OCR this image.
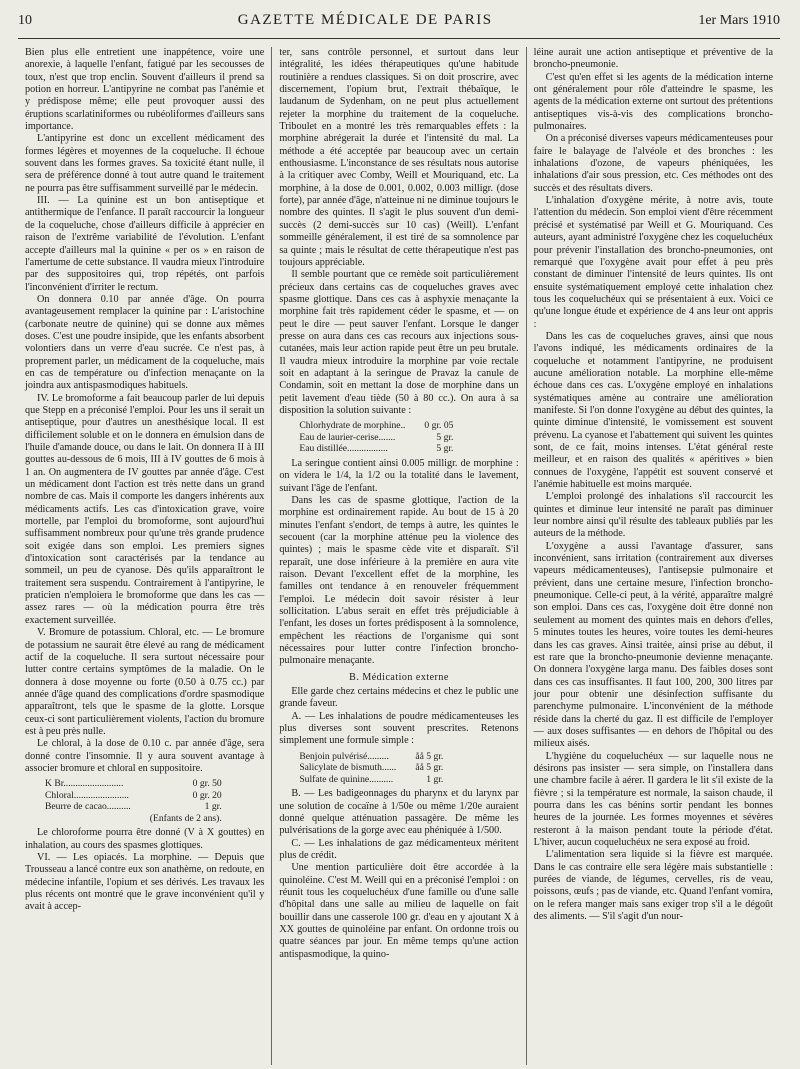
10	GAZETTE MÉDICALE DE PARIS	1er Mars 1910

Bien plus elle entretient une inappétence, voire une anorexie, à laquelle l'enfant, fatigué par les secousses de toux, n'est que trop enclin. Souvent d'ailleurs il prend sa potion en horreur. L'antipyrine ne combat pas l'anémie et y prédispose même; elle peut provoquer aussi des éruptions scarlatiniformes ou rubéoliformes d'ailleurs sans importance.

L'antipyrine est donc un excellent médicament des formes légères et moyennes de la coqueluche. Il échoue souvent dans les formes graves. Sa toxicité étant nulle, il sera de préférence donné à tout autre quand le traitement ne pourra pas être suffisamment surveillé par le médecin.

III. — La quinine est un bon antiseptique et antithermique de l'enfance. Il paraît raccourcir la longueur de la coqueluche, chose d'ailleurs difficile à apprécier en raison de l'extrême variabilité de l'évolution. L'enfant accepte d'ailleurs mal la quinine « per os » en raison de l'amertume de cette substance. Il vaudra mieux l'introduire par des suppositoires qui, trop répétés, ont parfois l'inconvénient d'irriter le rectum.

On donnera 0.10 par année d'âge. On pourra avantageusement remplacer la quinine par : L'aristochine (carbonate neutre de quinine) qui se donne aux mêmes doses. C'est une poudre insipide, que les enfants absorbent volontiers dans un verre d'eau sucrée. Ce n'est pas, à proprement parler, un médicament de la coqueluche, mais en cas de température ou d'infection menaçante on la joindra aux antispasmodiques habituels.

IV. Le bromoforme a fait beaucoup parler de lui depuis que Stepp en a préconisé l'emploi. Pour les uns il serait un antiseptique, pour d'autres un anesthésique local. Il est difficilement soluble et on le donnera en émulsion dans de l'huile d'amande douce, ou dans le lait. On donnera II à III gouttes au-dessous de 6 mois, III à IV gouttes de 6 mois à 1 an. On augmentera de IV gouttes par année d'âge. C'est un médicament dont l'action est très nette dans un grand nombre de cas. Mais il comporte les dangers inhérents aux médicaments actifs. Les cas d'intoxication grave, voire mortelle, par l'emploi du bromoforme, sont aujourd'hui suffisamment nombreux pour qu'une très grande prudence soit exigée dans son emploi. Les premiers signes d'intoxication sont caractérisés par la tendance au sommeil, un peu de cyanose. Dès qu'ils apparaîtront le traitement sera suspendu. Contrairement à l'antipyrine, le praticien n'emploiera le bromoforme que dans les cas — assez rares — où la médication pourra être très exactement surveillée.

V. Bromure de potassium. Chloral, etc. — Le bromure de potassium ne saurait être élevé au rang de médicament actif de la coqueluche. Il sera surtout nécessaire pour lutter contre certains symptômes de la maladie. On le donnera à dose moyenne ou forte (0.50 à 0.75 cc.) par année d'âge quand des complications d'ordre spasmodique apparaîtront, tels que le spasme de la glotte. Lorsque ceux-ci sont particulièrement violents, l'action du bromure est à peu près nulle.

Le chloral, à la dose de 0.10 c. par année d'âge, sera donné contre l'insomnie. Il y aura souvent avantage à associer bromure et chloral en suppositoire.

K Br.........................	0 gr. 50
Chloral.......................	0 gr. 20
Beurre de cacao..........	1 gr.
	(Enfants de 2 ans).

Le chloroforme pourra être donné (V à X gouttes) en inhalation, au cours des spasmes glottiques.

VI. — Les opiacés. La morphine. — Depuis que Trousseau a lancé contre eux son anathème, on redoute, en médecine infantile, l'opium et ses dérivés. Les travaux les plus récents ont montré que le grave inconvénient qu'il y avait à accep-

ter, sans contrôle personnel, et surtout dans leur intégralité, les idées thérapeutiques qu'une habitude routinière a rendues classiques. Si on doit proscrire, avec discernement, l'opium brut, l'extrait thébaïque, le laudanum de Sydenham, on ne peut plus actuellement rejeter la morphine du traitement de la coqueluche. Triboulet en a montré les très remarquables effets : la morphine abrégerait la durée et l'intensité du mal. La méthode a été acceptée par beaucoup avec un certain enthousiasme. L'inconstance de ses résultats nous autorise à la critiquer avec Comby, Weill et Mouriquand, etc. La morphine, à la dose de 0.001, 0.002, 0.003 milligr. (dose forte), par année d'âge, n'atteinue ni ne diminue toujours le nombre des quintes. Il s'agit le plus souvent d'un demi-succès (2 demi-succès sur 10 cas) (Weill). L'enfant sommeille généralement, il est tiré de sa somnolence par sa quinte ; mais le résultat de cette thérapeutique n'est pas toujours appréciable.

Il semble pourtant que ce remède soit particulièrement précieux dans certains cas de coqueluches graves avec spasme glottique. Dans ces cas à asphyxie menaçante la morphine fait très rapidement céder le spasme, et — on peut le dire — peut sauver l'enfant. Lorsque le danger presse on aura dans ces cas recours aux injections sous-cutanées, mais leur action rapide peut être un peu brutale. Il vaudra mieux introduire la morphine par voie rectale soit en adaptant à la seringue de Pravaz la canule de Condamin, soit en mettant la dose de morphine dans un petit lavement d'eau tiède (50 à 80 cc.). On aura à sa disposition la solution suivante :

Chlorhydrate de morphine..	0 gr. 05
Eau de laurier-cerise.......	5 gr.
Eau distillée.................	5 gr.

La seringue contient ainsi 0.005 milligr. de morphine : on videra le 1/4, la 1/2 ou la totalité dans le lavement, suivant l'âge de l'enfant.

Dans les cas de spasme glottique, l'action de la morphine est ordinairement rapide. Au bout de 15 à 20 minutes l'enfant s'endort, de temps à autre, les quintes le secouent (car la morphine atténue peu la violence des quintes) ; mais le spasme cède vite et disparaît. S'il reparaît, une dose inférieure à la première en aura vite raison. Devant l'excellent effet de la morphine, les familles ont tendance à en renouveler fréquemment l'emploi. Le médecin doit savoir résister à leur sollicitation. L'abus serait en effet très préjudiciable à l'enfant, les doses un fortes prédisposent à la somnolence, empêchent les réactions de l'organisme qui sont nécessaires pour lutter contre l'infection broncho-pulmonaire menaçante.

B. Médication externe

Elle garde chez certains médecins et chez le public une grande faveur.

A. — Les inhalations de poudre médicamenteuses les plus diverses sont souvent prescrites. Retenons simplement une formule simple :

Benjoin pulvérisé.........	åå 5 gr.
Salicylate de bismuth......	åå 5 gr.
Sulfate de quinine..........	1 gr.

B. — Les badigeonnages du pharynx et du larynx par une solution de cocaïne à 1/50e ou même 1/20e auraient donné quelque atténuation passagère. De même les pulvérisations de la gorge avec eau phéniquée à 1/500.

C. — Les inhalations de gaz médicamenteux méritent plus de crédit.

Une mention particulière doit être accordée à la quinoléine. C'est M. Weill qui en a préconisé l'emploi : on réunit tous les coqueluchéux d'une famille ou d'une salle d'hôpital dans une salle au milieu de laquelle on fait bouillir dans une casserole 100 gr. d'eau en y ajoutant X à XX gouttes de quinoléine par enfant. On ordonne trois ou quatre séances par jour. En même temps qu'une action antispasmodique, la quino-

léine aurait une action antiseptique et préventive de la broncho-pneumonie.

C'est qu'en effet si les agents de la médication interne ont généralement pour rôle d'atteindre le spasme, les agents de la médication externe ont surtout des prétentions antiseptiques vis-à-vis des complications broncho-pulmonaires.

On a préconisé diverses vapeurs médicamenteuses pour faire le balayage de l'alvéole et des bronches : les inhalations d'ozone, de vapeurs phéniquées, les inhalations d'air sous pression, etc. Ces méthodes ont des succès et des résultats divers.

L'inhalation d'oxygène mérite, à notre avis, toute l'attention du médecin. Son emploi vient d'être récemment précisé et systématisé par Weill et G. Mouriquand. Ces auteurs, ayant administré l'oxygène chez les coqueluchéux pour prévenir l'installation des broncho-pneumonies, ont remarqué que l'oxygène avait pour effet à peu près constant de diminuer l'intensité de leurs quintes. Ils ont ensuite systématiquement employé cette inhalation chez tous les coqueluchéux qui se présentaient à eux. Voici ce qu'une longue étude et expérience de 4 ans leur ont appris :

Dans les cas de coqueluches graves, ainsi que nous l'avons indiqué, les médicaments ordinaires de la coqueluche et notamment l'antipyrine, ne produisent aucune amélioration notable. La morphine elle-même échoue dans ces cas. L'oxygène employé en inhalations systématiques amène au contraire une amélioration manifeste. Si l'on donne l'oxygène au début des quintes, la quinte diminue d'intensité, le vomissement est souvent prévenu. La cyanose et l'abattement qui suivent les quintes sont, de ce fait, moins intenses. L'état général reste meilleur, et en raison des qualités « apéritives » bien connues de l'oxygène, l'appétit est souvent conservé et l'anémie habituelle est moins marquée.

L'emploi prolongé des inhalations s'il raccourcit les quintes et diminue leur intensité ne paraît pas diminuer leur nombre ainsi qu'il résulte des tableaux publiés par les auteurs de la méthode.

L'oxygène a aussi l'avantage d'assurer, sans inconvénient, sans irritation (contrairement aux diverses vapeurs médicamenteuses), l'antisepsie pulmonaire et prévient, dans une certaine mesure, l'infection broncho-pneumonique. Celle-ci peut, à la vérité, apparaître malgré son emploi. Dans ces cas, l'oxygène doit être donné non seulement au moment des quintes mais en dehors d'elles, 5 minutes toutes les heures, voire toutes les demi-heures dans les cas graves. Ainsi traitée, ainsi prise au début, il est rare que la broncho-pneumonie devienne menaçante. On donnera l'oxygène larga manu. Des faibles doses sont dans ces cas insuffisantes. Il faut 100, 200, 300 litres par jour pour obtenir une désinfection suffisante du parenchyme pulmonaire. L'inconvénient de la méthode réside dans la cherté du gaz. Il est difficile de l'employer — aux doses suffisantes — en dehors de l'hôpital ou des milieux aisés.

L'hygiène du coqueluchéux — sur laquelle nous ne désirons pas insister — sera simple, on l'installera dans une chambre facile à aérer. Il gardera le lit s'il existe de la fièvre ; si la température est normale, la saison chaude, il pourra dans les cas bénins sortir pendant les bonnes heures de la journée. Les formes moyennes et sévères resteront à la maison pendant toute la période d'état. L'hiver, aucun coqueluchéux ne sera exposé au froid.

L'alimentation sera liquide si la fièvre est marquée. Dans le cas contraire elle sera légère mais substantielle : purées de viande, de légumes, cervelles, ris de veau, poissons, œufs ; pas de viande, etc. Quand l'enfant vomira, on le refera manger mais sans exiger trop s'il a le dégoût des aliments. — S'il s'agit d'un nour-
